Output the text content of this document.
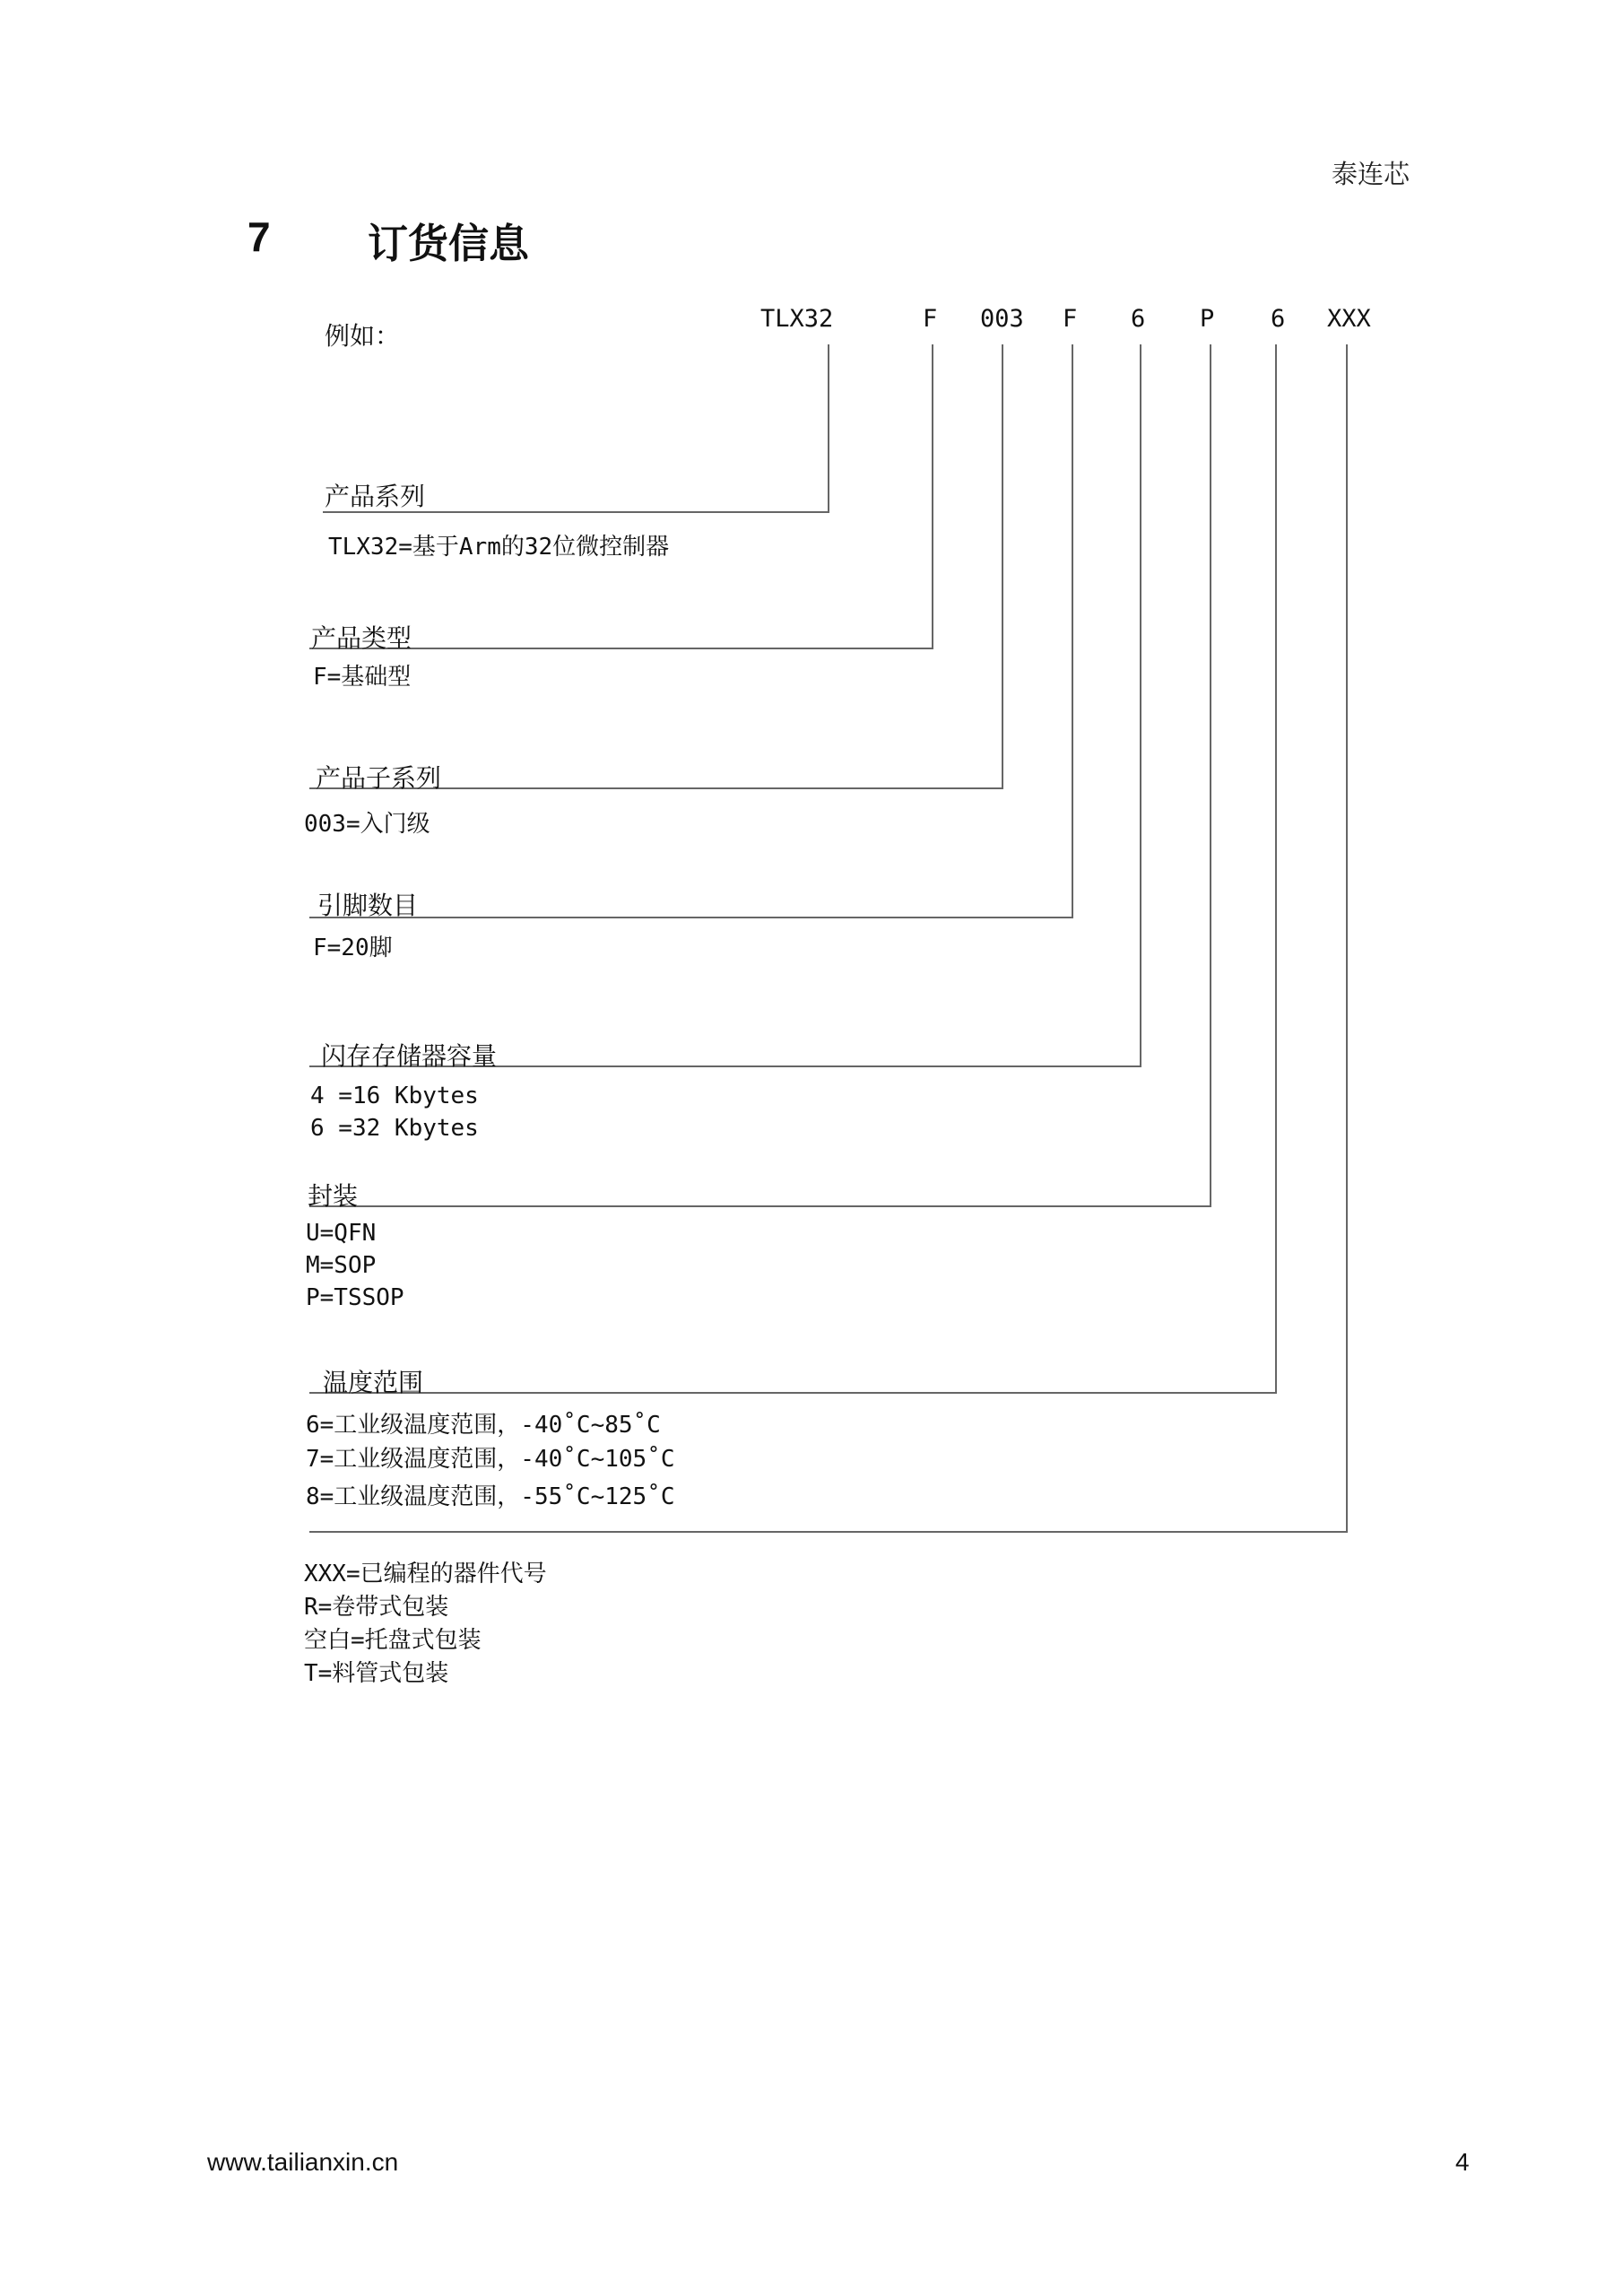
泰连芯
7 订货信息
例如：
TLX32	F 003 F 6 P 6 XXX
产品系列
TLX32=基于Arm的32位微控制器
产品类型
F=基础型
产品子系列
003=入门级
引脚数目
F=20脚
闪存存储器容量
4 =16 Kbytes
6 =32 Kbytes
封装
U=QFN
M=SOP
P=TSSOP
温度范围
6=工业级温度范围，-40˚C~85˚C
7=工业级温度范围，-40˚C~105˚C
8=工业级温度范围，-55˚C~125˚C
XXX=已编程的器件代号
R=卷带式包装
空白=托盘式包装
T=料管式包装
www.tailianxin.cn	4
